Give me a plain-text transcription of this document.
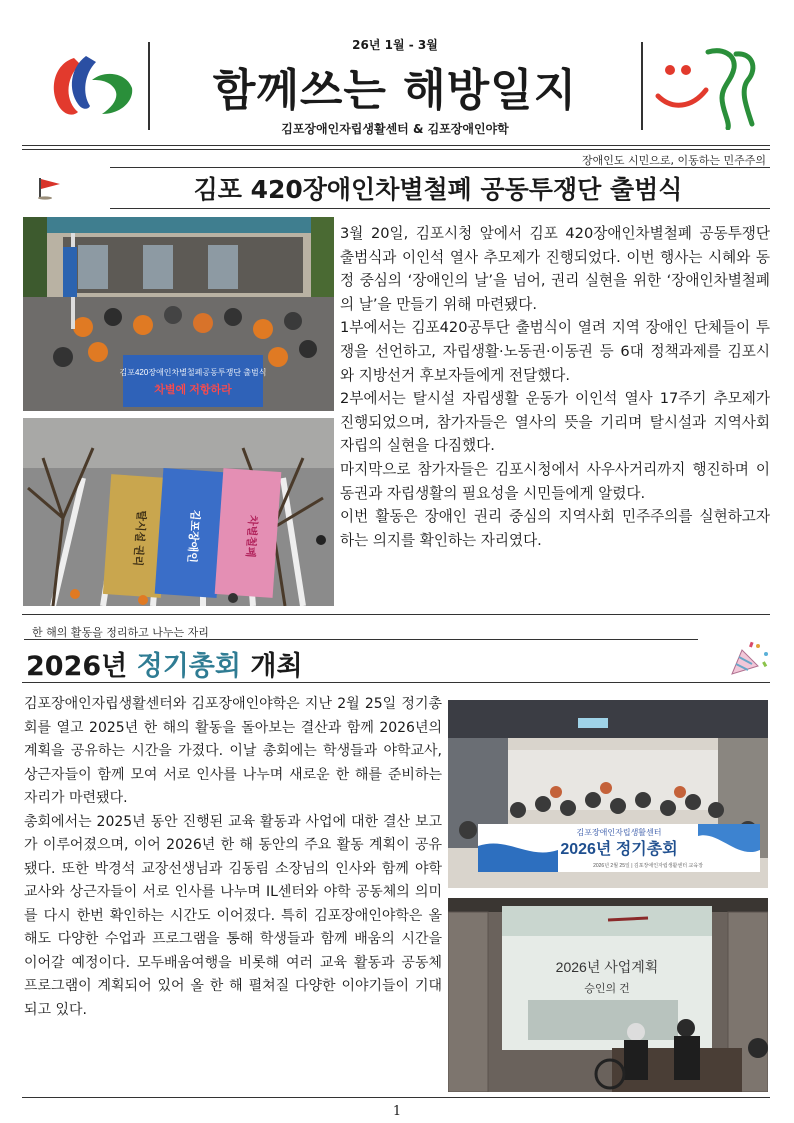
26년 1월 - 3월
함께쓰는 해방일지
김포장애인자립생활센터 & 김포장애인야학
장애인도 시민으로, 이동하는 민주주의
김포 420장애인차별철폐 공동투쟁단 출범식
김포420장애인차별철폐공동투쟁단 출범식
차별에 저항하라
탈시설 권리	김포장애인	차별철폐

3월 20일, 김포시청 앞에서 김포 420장애인차별철폐 공동투쟁단 출범식과 이인석 열사 추모제가 진행되었다. 이번 행사는 시혜와 동정 중심의 ‘장애인의 날’을 넘어, 권리 실현을 위한 ‘장애인차별철폐의 날’을 만들기 위해 마련됐다.

1부에서는 김포420공투단 출범식이 열려 지역 장애인 단체들이 투쟁을 선언하고, 자립생활·노동권·이동권 등 6대 정책과제를 김포시와 지방선거 후보자들에게 전달했다.

2부에서는 탈시설 자립생활 운동가 이인석 열사 17주기 추모제가 진행되었으며, 참가자들은 열사의 뜻을 기리며 탈시설과 지역사회 자립의 실현을 다짐했다.

마지막으로 참가자들은 김포시청에서 사우사거리까지 행진하며 이동권과 자립생활의 필요성을 시민들에게 알렸다.

이번 활동은 장애인 권리 중심의 지역사회 민주주의를 실현하고자 하는 의지를 확인하는 자리였다.

한 해의 활동을 정리하고 나누는 자리
2026년 정기총회 개최

김포장애인자립생활센터와 김포장애인야학은 지난 2월 25일 정기총회를 열고 2025년 한 해의 활동을 돌아보는 결산과 함께 2026년의 계획을 공유하는 시간을 가졌다. 이날 총회에는 학생들과 야학교사, 상근자들이 함께 모여 서로 인사를 나누며 새로운 한 해를 준비하는 자리가 마련됐다.

총회에서는 2025년 동안 진행된 교육 활동과 사업에 대한 결산 보고가 이루어졌으며, 이어 2026년 한 해 동안의 주요 활동 계획이 공유됐다. 또한 박경석 교장선생님과 김동림 소장님의 인사와 함께 야학교사와 상근자들이 서로 인사를 나누며 IL센터와 야학 공동체의 의미를 다시 한번 확인하는 시간도 이어졌다. 특히 김포장애인야학은 올해도 다양한 수업과 프로그램을 통해 학생들과 함께 배움의 시간을 이어갈 예정이다. 모두배움여행을 비롯해 여러 교육 활동과 공동체 프로그램이 계획되어 있어 올 한 해 펼쳐질 다양한 이야기들이 기대되고 있다.

김포장애인자립생활센터
2026년 정기총회
2026년 2월 25일 | 김포장애인자립생활센터 교육장
2026년 사업계획
승인의 건
1
